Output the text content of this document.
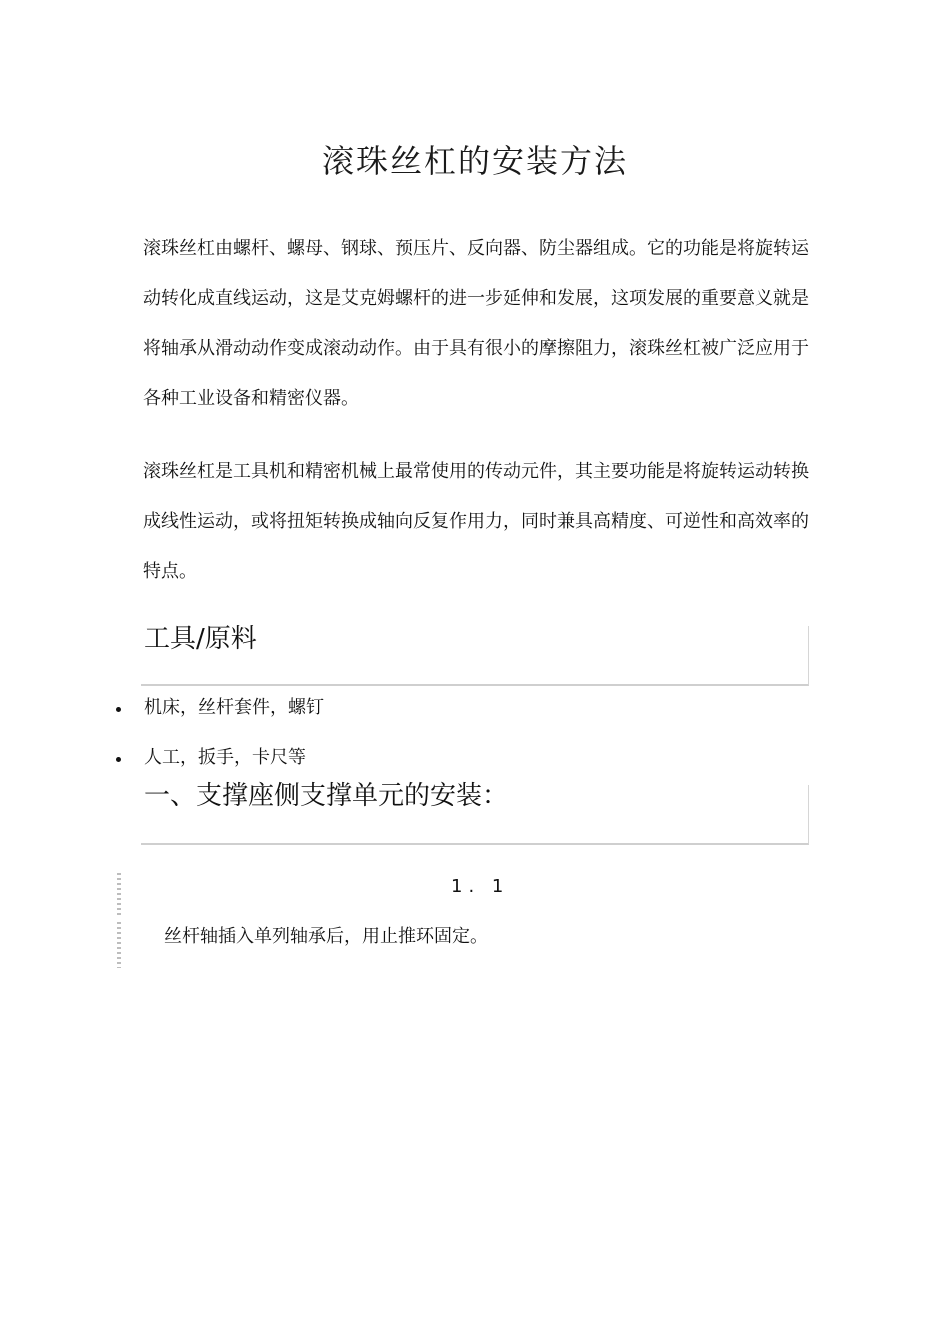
滚珠丝杠的安装方法

滚珠丝杠由螺杆、螺母、钢球、预压片、反向器、防尘器组成。它的功能是将旋转运动转化成直线运动，这是艾克姆螺杆的进一步延伸和发展，这项发展的重要意义就是将轴承从滑动动作变成滚动动作。由于具有很小的摩擦阻力，滚珠丝杠被广泛应用于各种工业设备和精密仪器。

滚珠丝杠是工具机和精密机械上最常使用的传动元件，其主要功能是将旋转运动转换成线性运动，或将扭矩转换成轴向反复作用力，同时兼具高精度、可逆性和高效率的特点。

工具/原料
机床，丝杆套件，螺钉
人工，扳手，卡尺等
一、支撑座侧支撑单元的安装：
1. 1
丝杆轴插入单列轴承后，用止推环固定。
